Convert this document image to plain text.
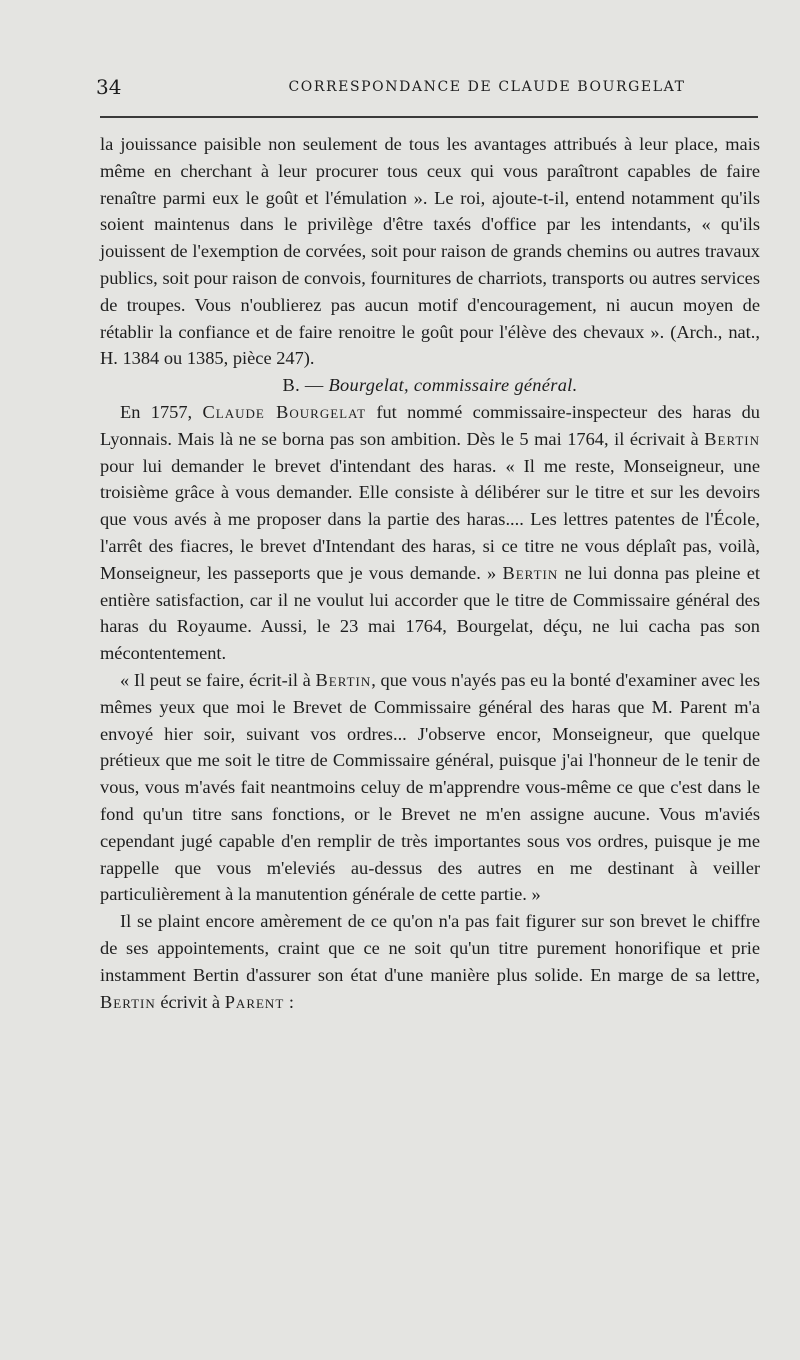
34	CORRESPONDANCE DE CLAUDE BOURGELAT

la jouissance paisible non seulement de tous les avantages attribués à leur place, mais même en cherchant à leur procurer tous ceux qui vous paraîtront capables de faire renaître parmi eux le goût et l'émulation ». Le roi, ajoute-t-il, entend notamment qu'ils soient maintenus dans le privilège d'être taxés d'office par les intendants, « qu'ils jouissent de l'exemption de corvées, soit pour raison de grands chemins ou autres travaux publics, soit pour raison de convois, fournitures de charriots, transports ou autres services de troupes. Vous n'oublierez pas aucun motif d'encouragement, ni aucun moyen de rétablir la confiance et de faire renoitre le goût pour l'élève des chevaux ». (Arch., nat., H. 1384 ou 1385, pièce 247).

B. — Bourgelat, commissaire général.

En 1757, Claude Bourgelat fut nommé commissaire-inspecteur des haras du Lyonnais. Mais là ne se borna pas son ambition. Dès le 5 mai 1764, il écrivait à Bertin pour lui demander le brevet d'intendant des haras. « Il me reste, Monseigneur, une troisième grâce à vous demander. Elle consiste à délibérer sur le titre et sur les devoirs que vous avés à me proposer dans la partie des haras.... Les lettres patentes de l'École, l'arrêt des fiacres, le brevet d'Intendant des haras, si ce titre ne vous déplaît pas, voilà, Monseigneur, les passeports que je vous demande. » Bertin ne lui donna pas pleine et entière satisfaction, car il ne voulut lui accorder que le titre de Commissaire général des haras du Royaume. Aussi, le 23 mai 1764, Bourgelat, déçu, ne lui cacha pas son mécontentement.

« Il peut se faire, écrit-il à Bertin, que vous n'ayés pas eu la bonté d'examiner avec les mêmes yeux que moi le Brevet de Commissaire général des haras que M. Parent m'a envoyé hier soir, suivant vos ordres... J'observe encor, Monseigneur, que quelque prétieux que me soit le titre de Commissaire général, puisque j'ai l'honneur de le tenir de vous, vous m'avés fait neantmoins celuy de m'apprendre vous-même ce que c'est dans le fond qu'un titre sans fonctions, or le Brevet ne m'en assigne aucune. Vous m'aviés cependant jugé capable d'en remplir de très importantes sous vos ordres, puisque je me rappelle que vous m'eleviés au-dessus des autres en me destinant à veiller particulièrement à la manutention générale de cette partie. »

Il se plaint encore amèrement de ce qu'on n'a pas fait figurer sur son brevet le chiffre de ses appointements, craint que ce ne soit qu'un titre purement honorifique et prie instamment Bertin d'assurer son état d'une manière plus solide. En marge de sa lettre, Bertin écrivit à Parent :
